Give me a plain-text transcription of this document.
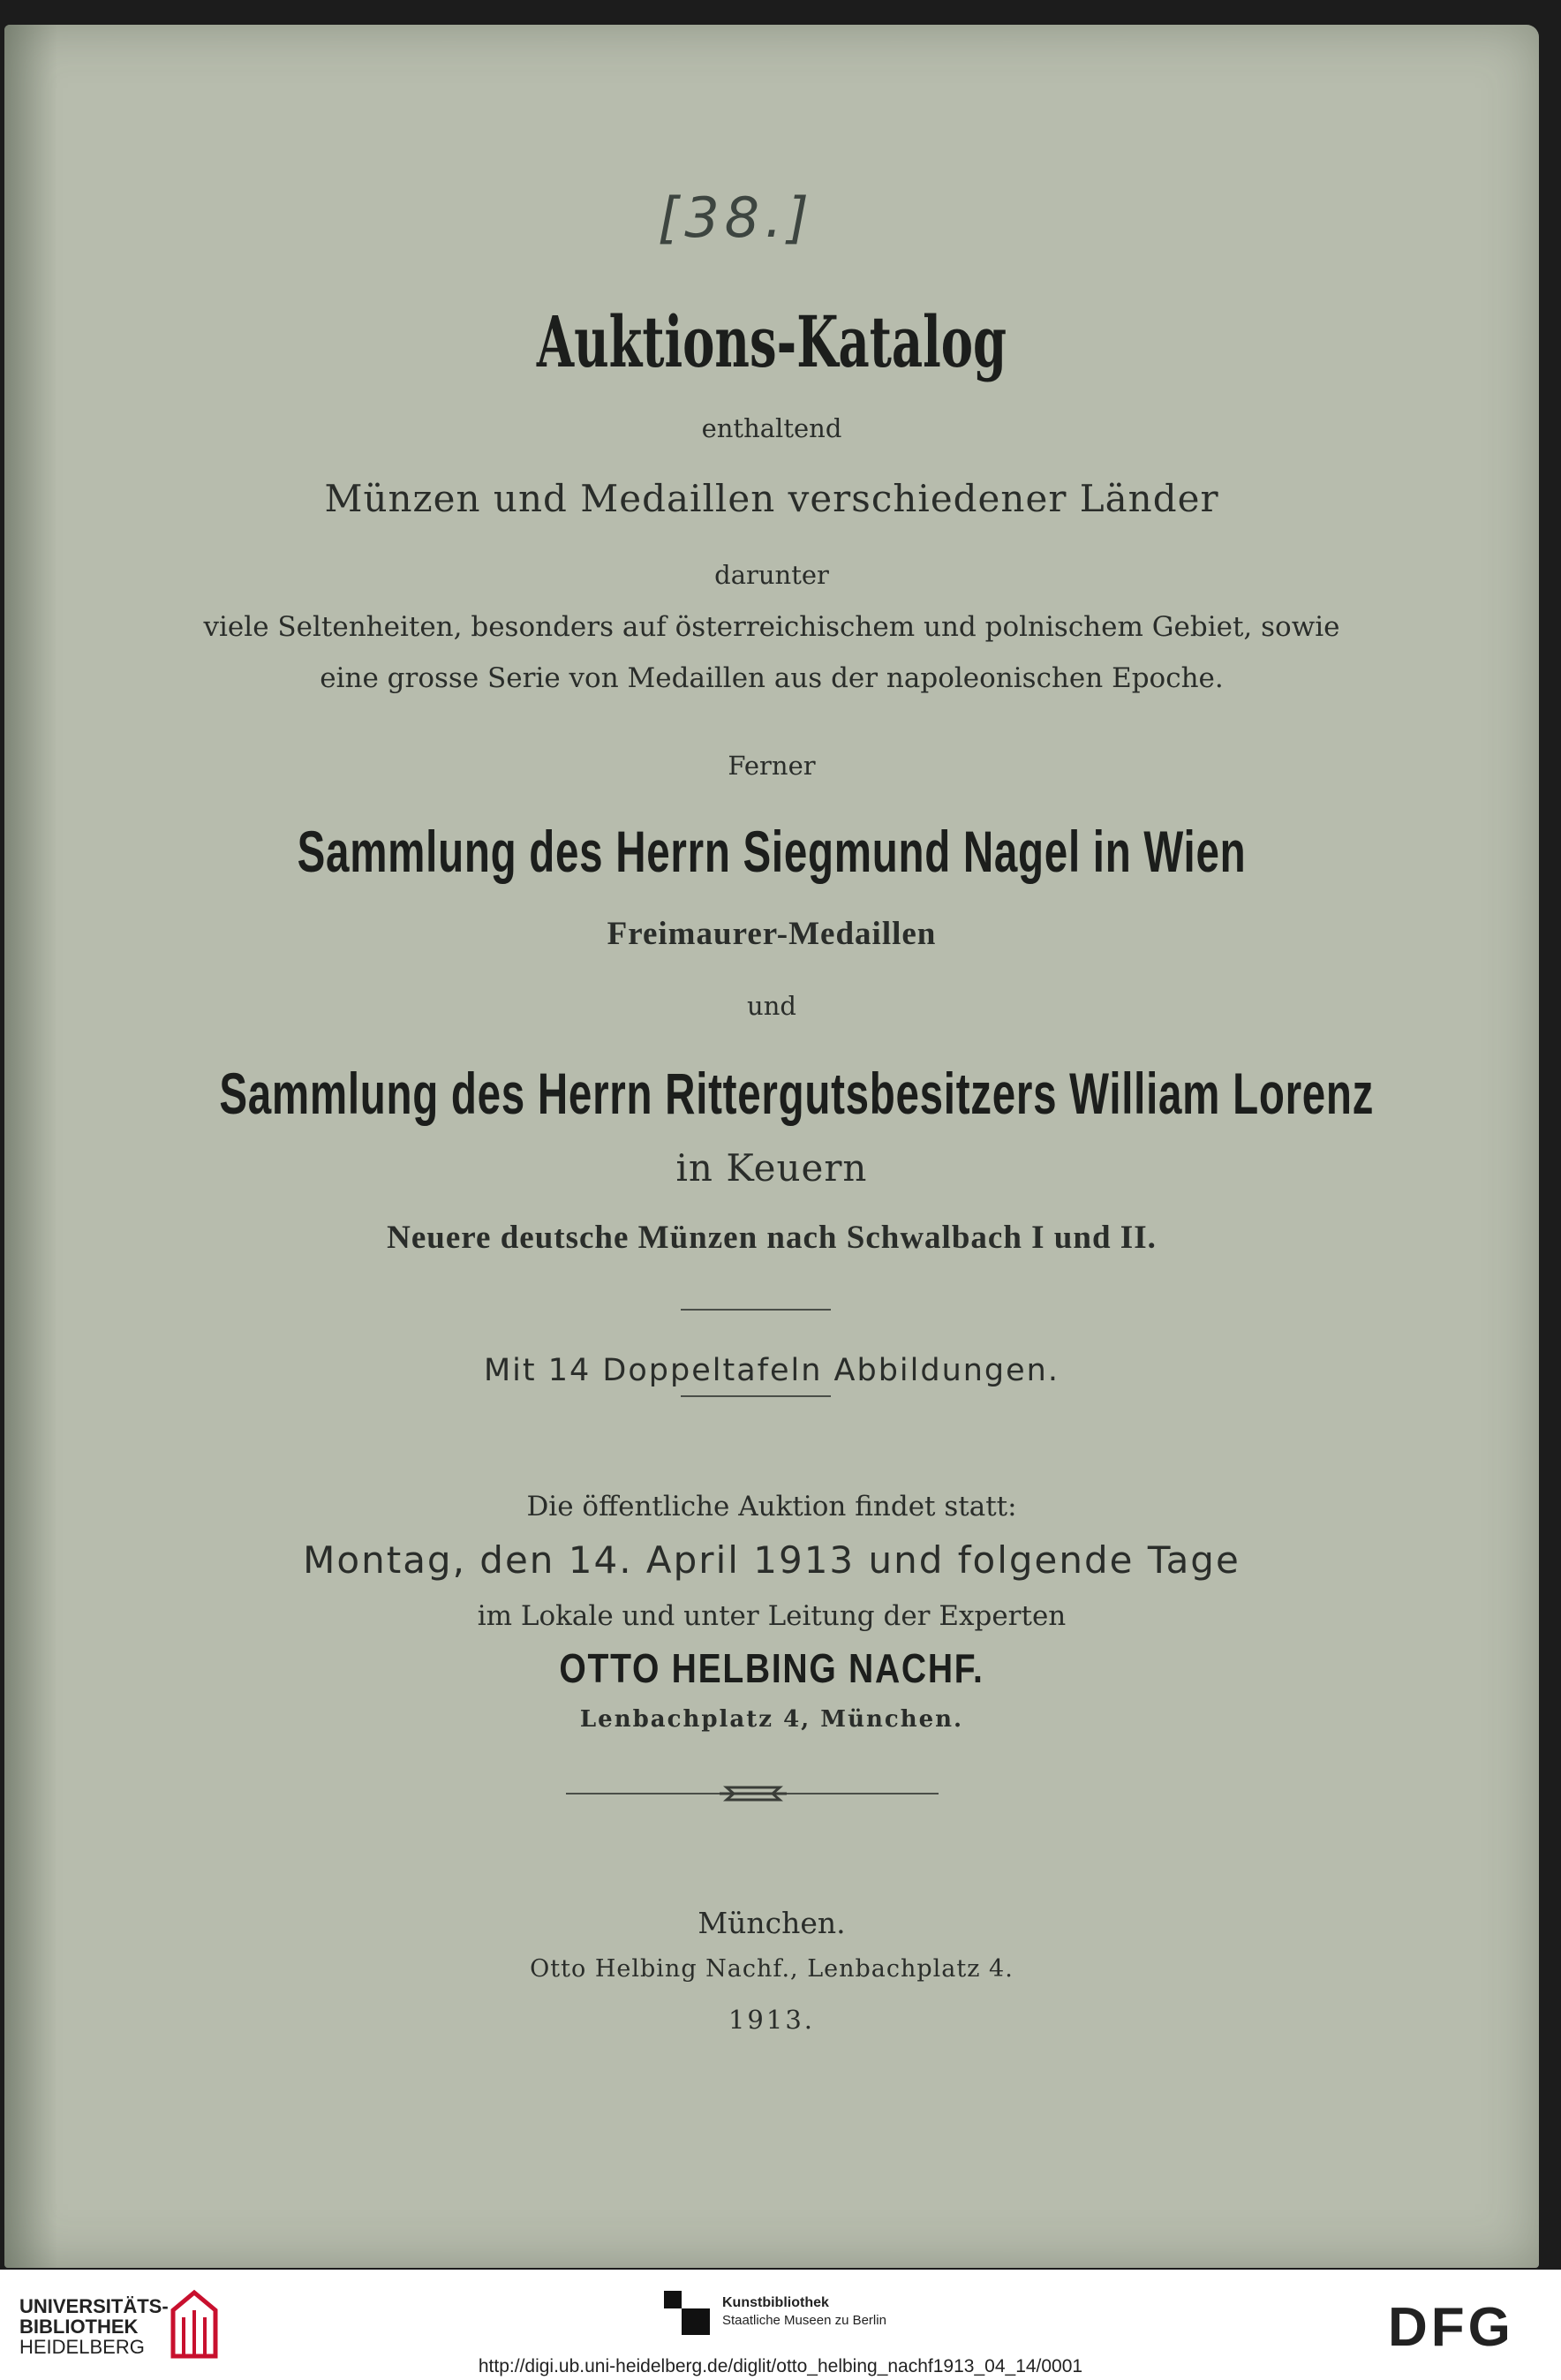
[38.]
Auktions-Katalog
enthaltend
Münzen und Medaillen verschiedener Länder
darunter
viele Seltenheiten, besonders auf österreichischem und polnischem Gebiet, sowie
eine grosse Serie von Medaillen aus der napoleonischen Epoche.
Ferner
Sammlung des Herrn Siegmund Nagel in Wien
Freimaurer-Medaillen
und
Sammlung des Herrn Rittergutsbesitzers William Lorenz
in Keuern
Neuere deutsche Münzen nach Schwalbach I und II.
Mit 14 Doppeltafeln Abbildungen.
Die öffentliche Auktion findet statt:
Montag, den 14. April 1913 und folgende Tage
im Lokale und unter Leitung der Experten
OTTO HELBING NACHF.
Lenbachplatz 4, München.
München.
Otto Helbing Nachf., Lenbachplatz 4.
1913.
UNIVERSITÄTS-
BIBLIOTHEK
HEIDELBERG
Kunstbibliothek
Staatliche Museen zu Berlin	DFG
http://digi.ub.uni-heidelberg.de/diglit/otto_helbing_nachf1913_04_14/0001
